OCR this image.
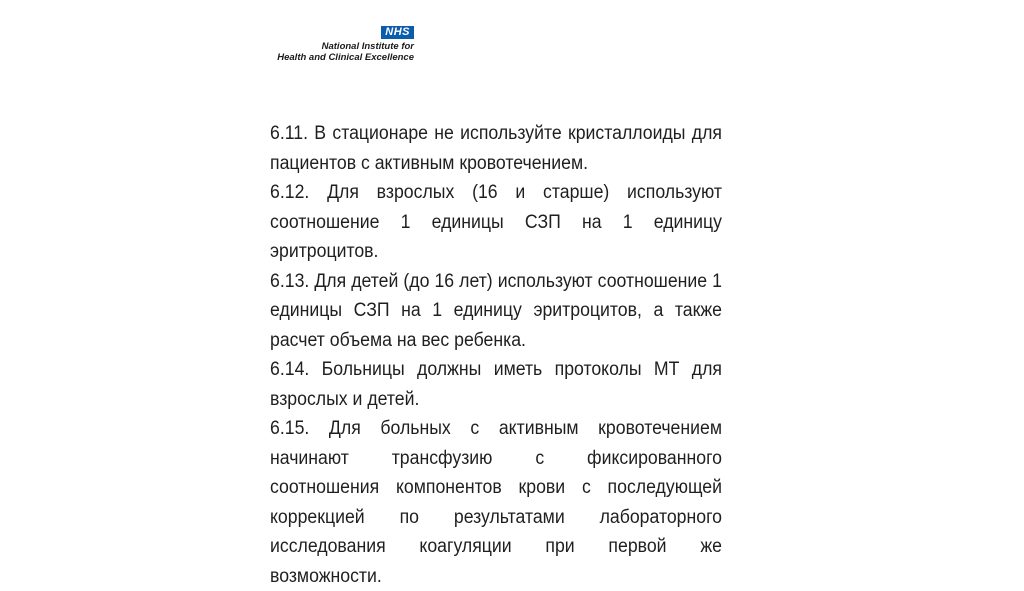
NHS
National Institute for
Health and Clinical Excellence

6.11. В стационаре не используйте кристаллоиды для пациентов с активным кровотечением.

6.12. Для взрослых (16 и старше) используют соотношение 1 единицы СЗП на 1 единицу эритроцитов.

6.13. Для детей (до 16 лет) используют соотношение 1 единицы СЗП на 1 единицу эритроцитов, а также расчет объема на вес ребенка.

6.14. Больницы должны иметь протоколы МТ для взрослых и детей.

6.15. Для больных с активным кровотечением начинают трансфузию с фиксированного соотношения компонентов крови с последующей коррекцией по результатами лабораторного исследования коагуляции при первой же возможности.
